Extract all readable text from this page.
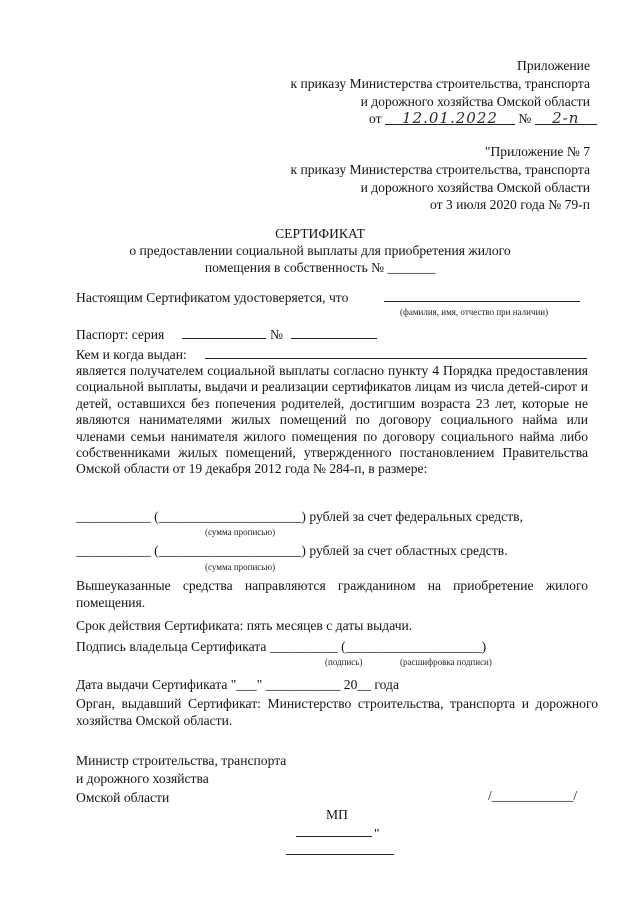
Приложение
к приказу Министерства строительства, транспорта
и дорожного хозяйства Омской области
от 12.01.2022 № 2-п
"Приложение № 7
к приказу Министерства строительства, транспорта
и дорожного хозяйства Омской области
от 3 июля 2020 года № 79-п
СЕРТИФИКАТ
о предоставлении социальной выплаты для приобретения жилого
помещения в собственность № _______
Настоящим Сертификатом удостоверяется, что
(фамилия, имя, отчество при наличии)
Паспорт: серия	№
Кем и когда выдан:
является получателем социальной выплаты согласно пункту 4 Порядка предоставления социальной выплаты, выдачи и реализации сертификатов лицам из числа детей-сирот и детей, оставшихся без попечения родителей, достигшим возраста 23 лет, которые не являются нанимателями жилых помещений по договору социального найма или членами семьи нанимателя жилого помещения по договору социального найма либо собственниками жилых помещений, утвержденного постановлением Правительства Омской области от 19 декабря 2012 года № 284-п, в размере:
___________ (_____________________) рублей за счет федеральных средств,
(сумма прописью)
___________ (_____________________) рублей за счет областных средств.
(сумма прописью)
Вышеуказанные средства направляются гражданином на приобретение жилого помещения.
Срок действия Сертификата: пять месяцев с даты выдачи.
Подпись владельца Сертификата __________ (____________________)
(подпись)	(расшифровка подписи)
Дата выдачи Сертификата "___" ___________ 20__ года
Орган, выдавший Сертификат: Министерство строительства, транспорта и дорожного хозяйства Омской области.
Министр строительства, транспорта
и дорожного хозяйства
Омской области	/____________/
МП
"
